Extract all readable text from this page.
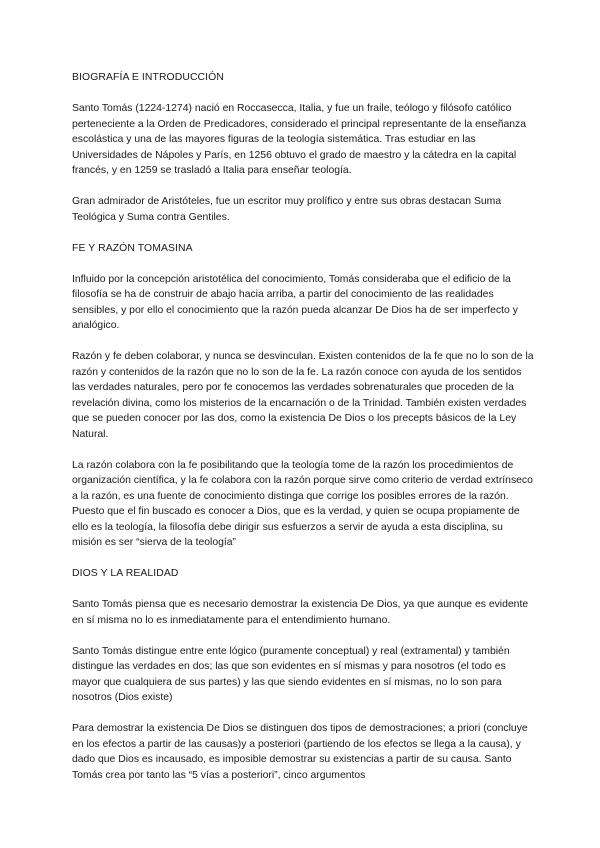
BIOGRAFÍA E INTRODUCCIÓN

Santo Tomás (1224-1274) nació en Roccasecca, Italia, y fue un fraile, teólogo y filósofo católico perteneciente a la Orden de Predicadores, considerado el principal representante de la enseñanza escolástica y una de las mayores figuras de la teología sistemática. Tras estudiar en las Universidades de Nápoles y París, en 1256 obtuvo el grado de maestro y la cátedra en la capital francés, y en 1259 se trasladó a Italia para enseñar teología.

Gran admirador de Aristóteles, fue un escritor muy prolífico y entre sus obras destacan Suma Teológica y Suma contra Gentiles.

FE Y RAZÓN TOMASINA

Influido por la concepción aristotélica del conocimiento, Tomás consideraba que el edificio de la filosofía se ha de construir de abajo hacia arriba, a partir del conocimiento de las realidades sensibles, y por ello el conocimiento que la razón pueda alcanzar De Dios ha de ser imperfecto y analógico.

Razón y fe deben colaborar, y nunca se desvinculan. Existen contenidos de la fe que no lo son de la razón y contenidos de la razón que no lo son de la fe. La razón conoce con ayuda de los sentidos las verdades naturales, pero por fe conocemos las verdades sobrenaturales que proceden de la revelación divina, como los misterios de la encarnación o de la Trinidad. También existen verdades que se pueden conocer por las dos, como la existencia De Dios o los precepts básicos de la Ley Natural.

La razón colabora con la fe posibilitando que la teología tome de la razón los procedimientos de organización científica, y la fe colabora con la razón porque sirve como criterio de verdad extrínseco a la razón, es una fuente de conocimiento distinga que corrige los posibles errores de la razón.

Puesto que el fin buscado es conocer a Dios, que es la verdad, y quien se ocupa propiamente de ello es la teología, la filosofía debe dirigir sus esfuerzos a servir de ayuda a esta disciplina, su misión es ser “sierva de la teología”

DIOS Y LA REALIDAD

Santo Tomás piensa que es necesario demostrar la existencia De Dios, ya que aunque es evidente en sí misma no lo es inmediatamente para el entendimiento humano.

Santo Tomás distingue entre ente lógico (puramente conceptual) y real (extramental) y también distingue las verdades en dos; las que son evidentes en sí mismas y para nosotros (el todo es mayor que cualquiera de sus partes) y las que siendo evidentes en sí mismas, no lo son para nosotros (Dios existe)

Para demostrar la existencia De Dios se distinguen dos tipos de demostraciones; a priori (concluye en los efectos a partir de las causas)y a posteriori (partiendo de los efectos se llega a la causa), y dado que Dios es incausado, es imposible demostrar su existencias a partir de su causa. Santo Tomás crea por tanto las “5 vías a posteriori”, cinco argumentos
